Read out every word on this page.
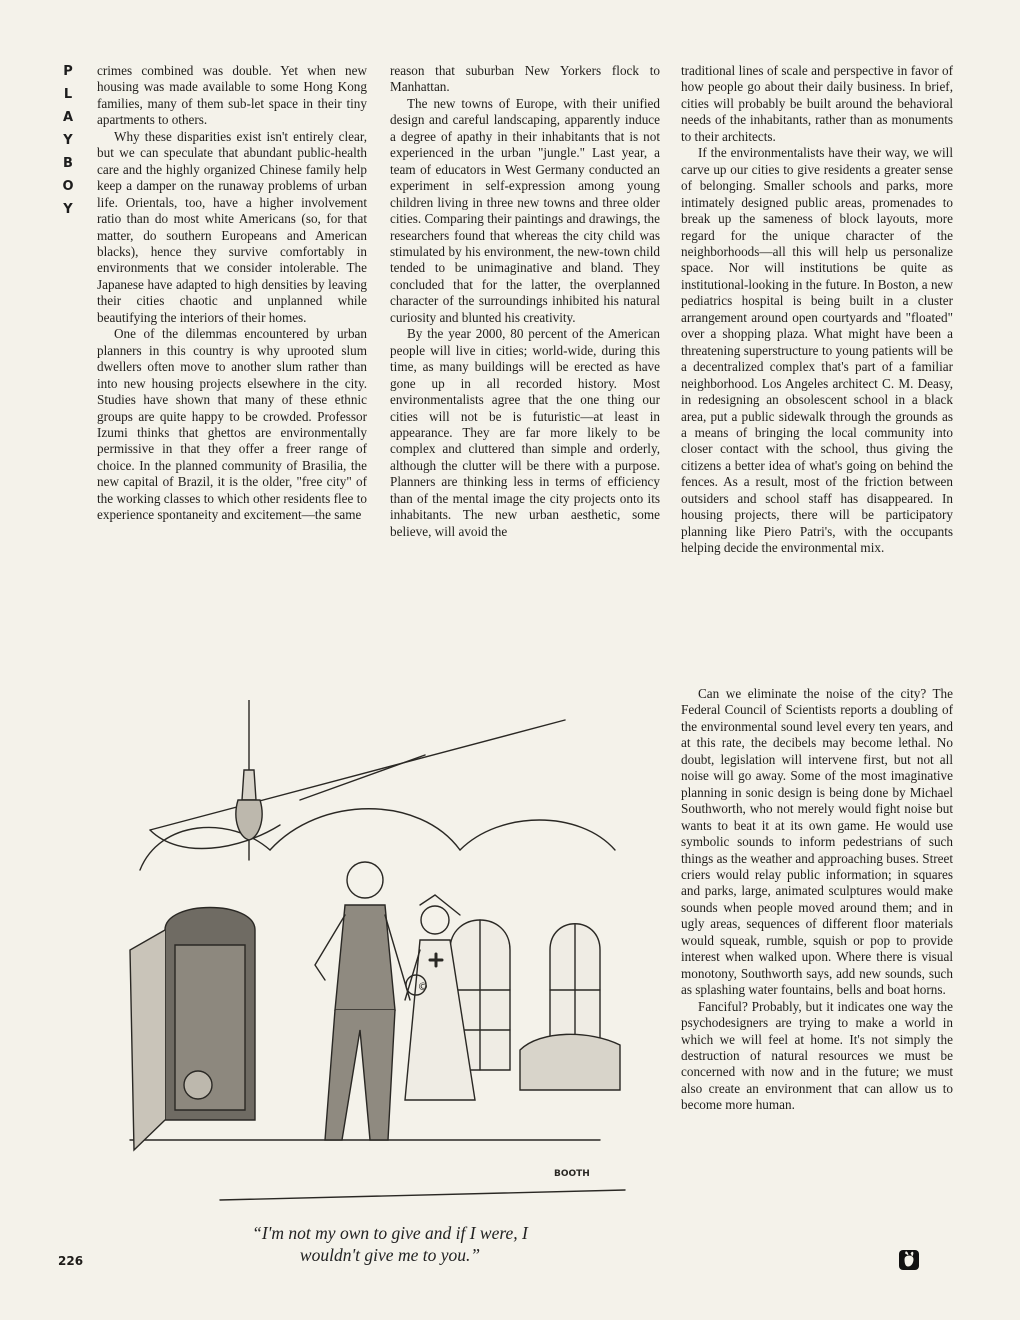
P
L
A
Y
B
O
Y

crimes combined was double. Yet when new housing was made available to some Hong Kong families, many of them sub-let space in their tiny apartments to others.

Why these disparities exist isn't entirely clear, but we can speculate that abundant public-health care and the highly organized Chinese family help keep a damper on the runaway problems of urban life. Orientals, too, have a higher involvement ratio than do most white Americans (so, for that matter, do southern Europeans and American blacks), hence they survive comfortably in environments that we consider intolerable. The Japanese have adapted to high densities by leaving their cities chaotic and unplanned while beautifying the interiors of their homes.

One of the dilemmas encountered by urban planners in this country is why uprooted slum dwellers often move to another slum rather than into new housing projects elsewhere in the city. Studies have shown that many of these ethnic groups are quite happy to be crowded. Professor Izumi thinks that ghettos are environmentally permissive in that they offer a freer range of choice. In the planned community of Brasilia, the new capital of Brazil, it is the older, "free city" of the working classes to which other residents flee to experience spontaneity and excitement—the same

reason that suburban New Yorkers flock to Manhattan.

The new towns of Europe, with their unified design and careful landscaping, apparently induce a degree of apathy in their inhabitants that is not experienced in the urban "jungle." Last year, a team of educators in West Germany conducted an experiment in self-expression among young children living in three new towns and three older cities. Comparing their paintings and drawings, the researchers found that whereas the city child was stimulated by his environment, the new-town child tended to be unimaginative and bland. They concluded that for the latter, the overplanned character of the surroundings inhibited his natural curiosity and blunted his creativity.

By the year 2000, 80 percent of the American people will live in cities; world-wide, during this time, as many buildings will be erected as have gone up in all recorded history. Most environmentalists agree that the one thing our cities will not be is futuristic—at least in appearance. They are far more likely to be complex and cluttered than simple and orderly, although the clutter will be there with a purpose. Planners are thinking less in terms of efficiency than of the mental image the city projects onto its inhabitants. The new urban aesthetic, some believe, will avoid the

traditional lines of scale and perspective in favor of how people go about their daily business. In brief, cities will probably be built around the behavioral needs of the inhabitants, rather than as monuments to their architects.

If the environmentalists have their way, we will carve up our cities to give residents a greater sense of belonging. Smaller schools and parks, more intimately designed public areas, promenades to break up the sameness of block layouts, more regard for the unique character of the neighborhoods—all this will help us personalize space. Nor will institutions be quite as institutional-looking in the future. In Boston, a new pediatrics hospital is being built in a cluster arrangement around open courtyards and "floated" over a shopping plaza. What might have been a threatening superstructure to young patients will be a decentralized complex that's part of a familiar neighborhood. Los Angeles architect C. M. Deasy, in redesigning an obsolescent school in a black area, put a public sidewalk through the grounds as a means of bringing the local community into closer contact with the school, thus giving the citizens a better idea of what's going on behind the fences. As a result, most of the friction between outsiders and school staff has disappeared. In housing projects, there will be participatory planning like Piero Patri's, with the occupants helping decide the environmental mix.

Can we eliminate the noise of the city? The Federal Council of Scientists reports a doubling of the environmental sound level every ten years, and at this rate, the decibels may become lethal. No doubt, legislation will intervene first, but not all noise will go away. Some of the most imaginative planning in sonic design is being done by Michael Southworth, who not merely would fight noise but wants to beat it at its own game. He would use symbolic sounds to inform pedestrians of such things as the weather and approaching buses. Street criers would relay public information; in squares and parks, large, animated sculptures would make sounds when people moved around them; and in ugly areas, sequences of different floor materials would squeak, rumble, squish or pop to provide interest when walked upon. Where there is visual monotony, Southworth says, add new sounds, such as splashing water fountains, bells and boat horns.

Fanciful? Probably, but it indicates one way the psychodesigners are trying to make a world in which we will feel at home. It's not simply the destruction of natural resources we must be concerned with now and in the future; we must also create an environment that can allow us to become more human.

©
BOOTH
“I'm not my own to give and if I were, I
wouldn't give me to you.”
226
